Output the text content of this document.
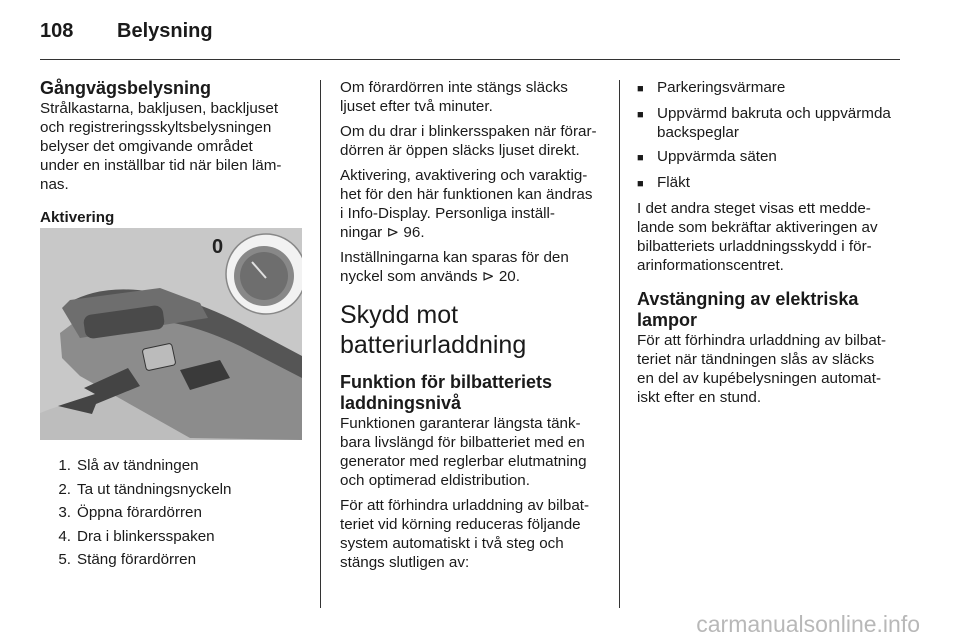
108 Belysning
Gångvägsbelysning

Strålkastarna, bakljusen, backljuset
och registreringsskyltsbelysningen
belyser det omgivande området
under en inställbar tid när bilen läm-
nas.

Aktivering

0
1. Slå av tändningen
2. Ta ut tändningsnyckeln
3. Öppna förardörren
4. Dra i blinkersspaken
5. Stäng förardörren

Om förardörren inte stängs släcks
ljuset efter två minuter.

Om du drar i blinkersspaken när förar-
dörren är öppen släcks ljuset direkt.

Aktivering, avaktivering och varaktig-
het för den här funktionen kan ändras
i Info-Display. Personliga inställ-
ningar ⊳ 96.

Inställningarna kan sparas för den
nyckel som används ⊳ 20.

Skydd mot
batteriurladdning
Funktion för bilbatteriets
laddningsnivå

Funktionen garanterar längsta tänk-
bara livslängd för bilbatteriet med en
generator med reglerbar elutmatning
och optimerad eldistribution.

För att förhindra urladdning av bilbat-
teriet vid körning reduceras följande
system automatiskt i två steg och
stängs slutligen av:

■ Parkeringsvärmare
■ Uppvärmd bakruta och uppvärmda
backspeglar
■ Uppvärmda säten
■ Fläkt

I det andra steget visas ett medde-
lande som bekräftar aktiveringen av
bilbatteriets urladdningsskydd i för-
arinformationscentret.

Avstängning av elektriska
lampor

För att förhindra urladdning av bilbat-
teriet när tändningen slås av släcks
en del av kupébelysningen automat-
iskt efter en stund.

carmanualsonline.info
